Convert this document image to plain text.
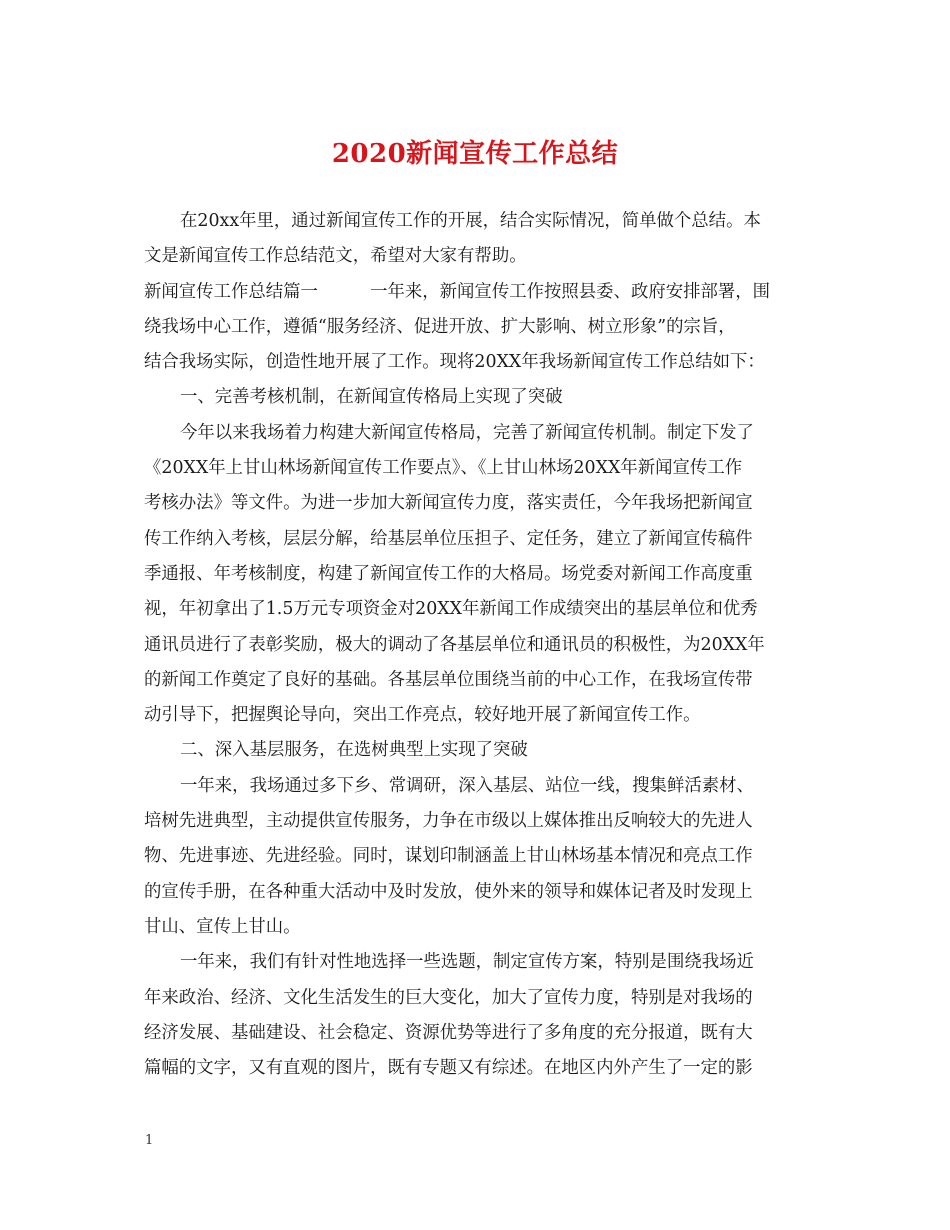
2020新闻宣传工作总结
在20xx年里，通过新闻宣传工作的开展，结合实际情况，简单做个总结。本
文是新闻宣传工作总结范文，希望对大家有帮助。
新闻宣传工作总结篇一　　　一年来，新闻宣传工作按照县委、政府安排部署，围
绕我场中心工作，遵循“服务经济、促进开放、扩大影响、树立形象”的宗旨，
结合我场实际，创造性地开展了工作。现将20XX年我场新闻宣传工作总结如下：
一、完善考核机制，在新闻宣传格局上实现了突破
今年以来我场着力构建大新闻宣传格局，完善了新闻宣传机制。制定下发了
《20XX年上甘山林场新闻宣传工作要点》、《上甘山林场20XX年新闻宣传工作
考核办法》等文件。为进一步加大新闻宣传力度，落实责任，今年我场把新闻宣
传工作纳入考核，层层分解，给基层单位压担子、定任务，建立了新闻宣传稿件
季通报、年考核制度，构建了新闻宣传工作的大格局。场党委对新闻工作高度重
视，年初拿出了1.5万元专项资金对20XX年新闻工作成绩突出的基层单位和优秀
通讯员进行了表彰奖励，极大的调动了各基层单位和通讯员的积极性，为20XX年
的新闻工作奠定了良好的基础。各基层单位围绕当前的中心工作，在我场宣传带
动引导下，把握舆论导向，突出工作亮点，较好地开展了新闻宣传工作。
二、深入基层服务，在选树典型上实现了突破
一年来，我场通过多下乡、常调研，深入基层、站位一线，搜集鲜活素材、
培树先进典型，主动提供宣传服务，力争在市级以上媒体推出反响较大的先进人
物、先进事迹、先进经验。同时，谋划印制涵盖上甘山林场基本情况和亮点工作
的宣传手册，在各种重大活动中及时发放，使外来的领导和媒体记者及时发现上
甘山、宣传上甘山。
一年来，我们有针对性地选择一些选题，制定宣传方案，特别是围绕我场近
年来政治、经济、文化生活发生的巨大变化，加大了宣传力度，特别是对我场的
经济发展、基础建设、社会稳定、资源优势等进行了多角度的充分报道，既有大
篇幅的文字，又有直观的图片，既有专题又有综述。在地区内外产生了一定的影
1
